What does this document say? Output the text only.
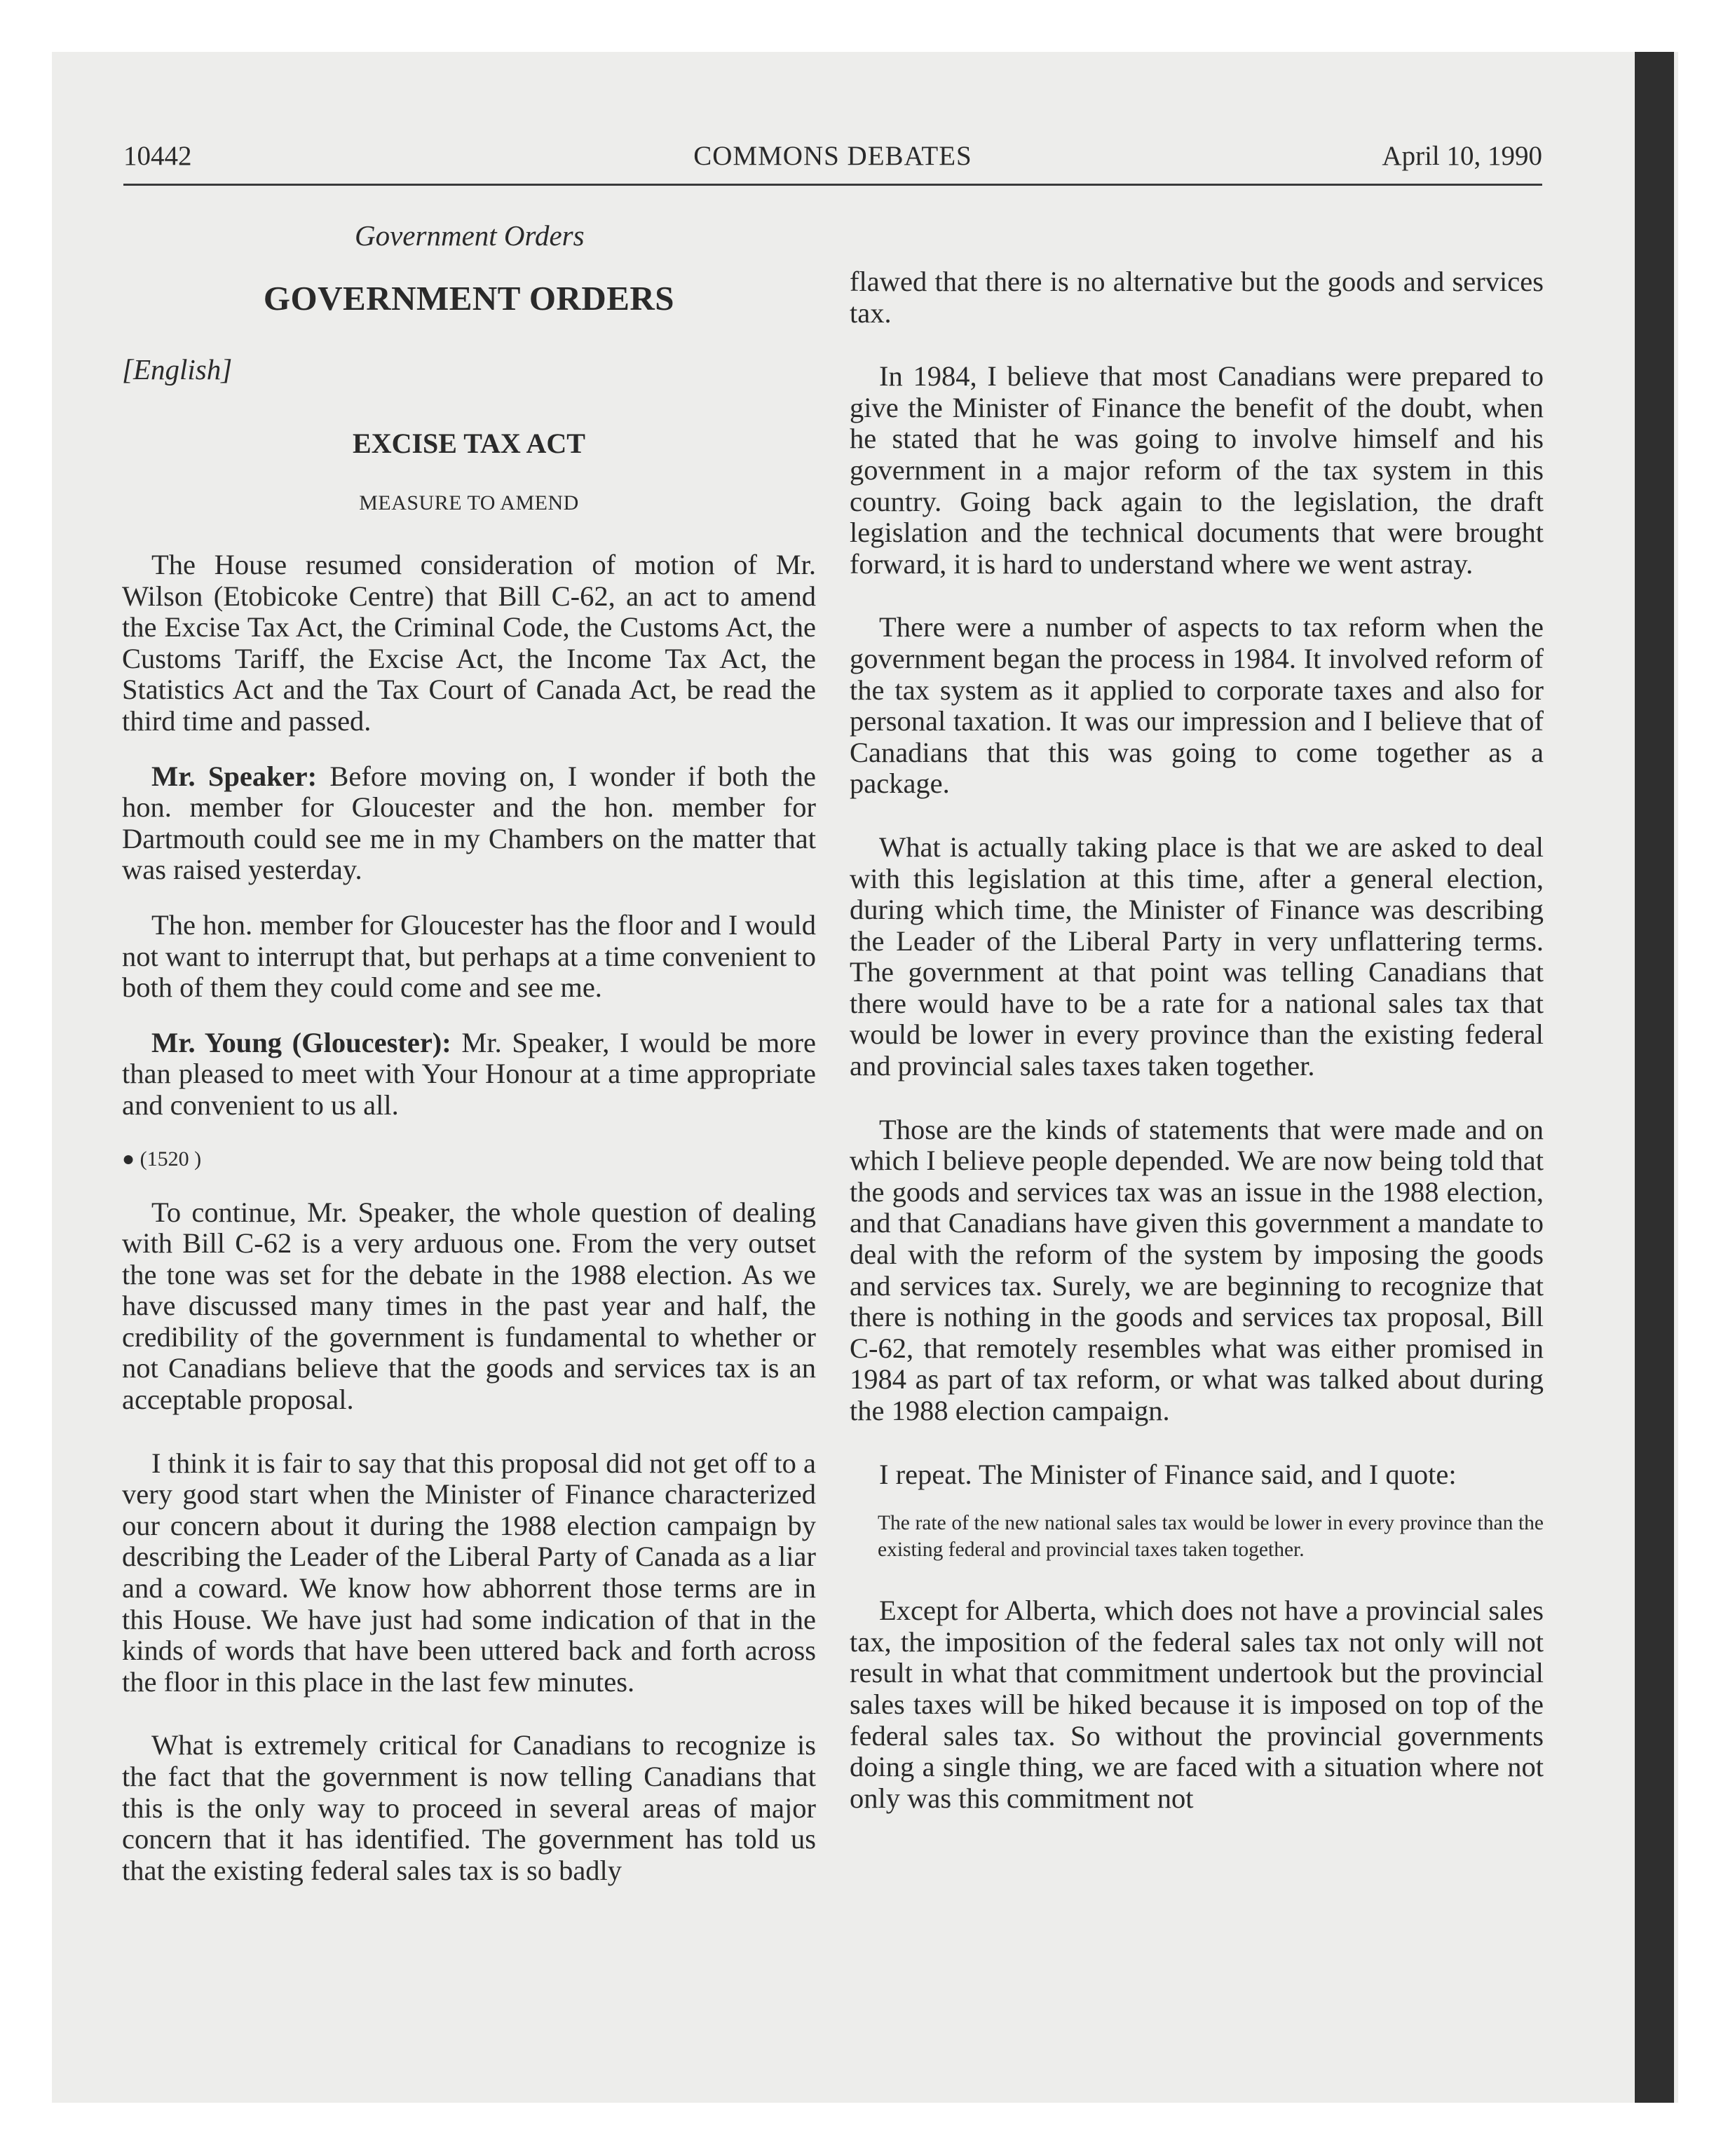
10442	COMMONS DEBATES	April 10, 1990
Government Orders
GOVERNMENT ORDERS
[English]
EXCISE TAX ACT
MEASURE TO AMEND

The House resumed consideration of motion of Mr. Wilson (Etobicoke Centre) that Bill C-62, an act to amend the Excise Tax Act, the Criminal Code, the Customs Act, the Customs Tariff, the Excise Act, the Income Tax Act, the Statistics Act and the Tax Court of Canada Act, be read the third time and passed.

Mr. Speaker: Before moving on, I wonder if both the hon. member for Gloucester and the hon. member for Dartmouth could see me in my Chambers on the matter that was raised yesterday.

The hon. member for Gloucester has the floor and I would not want to interrupt that, but perhaps at a time convenient to both of them they could come and see me.

Mr. Young (Gloucester): Mr. Speaker, I would be more than pleased to meet with Your Honour at a time appropriate and convenient to us all.

● (1520 )

To continue, Mr. Speaker, the whole question of dealing with Bill C-62 is a very arduous one. From the very outset the tone was set for the debate in the 1988 election. As we have discussed many times in the past year and half, the credibility of the government is fundamental to whether or not Canadians believe that the goods and services tax is an acceptable proposal.

I think it is fair to say that this proposal did not get off to a very good start when the Minister of Finance characterized our concern about it during the 1988 election campaign by describing the Leader of the Liberal Party of Canada as a liar and a coward. We know how abhorrent those terms are in this House. We have just had some indication of that in the kinds of words that have been uttered back and forth across the floor in this place in the last few minutes.

What is extremely critical for Canadians to recognize is the fact that the government is now telling Canadians that this is the only way to proceed in several areas of major concern that it has identified. The government has told us that the existing federal sales tax is so badly

flawed that there is no alternative but the goods and services tax.

In 1984, I believe that most Canadians were prepared to give the Minister of Finance the benefit of the doubt, when he stated that he was going to involve himself and his government in a major reform of the tax system in this country. Going back again to the legislation, the draft legislation and the technical documents that were brought forward, it is hard to understand where we went astray.

There were a number of aspects to tax reform when the government began the process in 1984. It involved reform of the tax system as it applied to corporate taxes and also for personal taxation. It was our impression and I believe that of Canadians that this was going to come together as a package.

What is actually taking place is that we are asked to deal with this legislation at this time, after a general election, during which time, the Minister of Finance was describing the Leader of the Liberal Party in very unflattering terms. The government at that point was telling Canadians that there would have to be a rate for a national sales tax that would be lower in every province than the existing federal and provincial sales taxes taken together.

Those are the kinds of statements that were made and on which I believe people depended. We are now being told that the goods and services tax was an issue in the 1988 election, and that Canadians have given this government a mandate to deal with the reform of the system by imposing the goods and services tax. Surely, we are beginning to recognize that there is nothing in the goods and services tax proposal, Bill C-62, that remotely resembles what was either promised in 1984 as part of tax reform, or what was talked about during the 1988 election campaign.

I repeat. The Minister of Finance said, and I quote:

The rate of the new national sales tax would be lower in every province than the existing federal and provincial taxes taken together.

Except for Alberta, which does not have a provincial sales tax, the imposition of the federal sales tax not only will not result in what that commitment undertook but the provincial sales taxes will be hiked because it is imposed on top of the federal sales tax. So without the provincial governments doing a single thing, we are faced with a situation where not only was this commitment not
